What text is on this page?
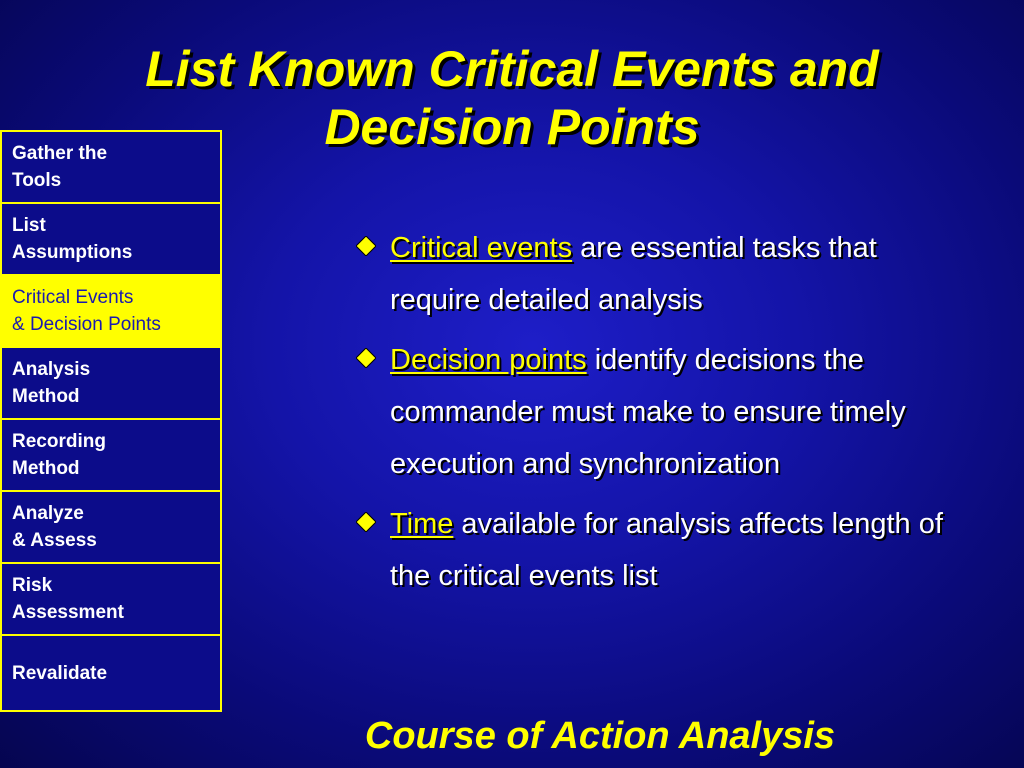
List Known Critical Events and
Decision Points
Gather the
Tools
List
Assumptions
Critical Events
& Decision Points
Analysis
Method
Recording
Method
Analyze
& Assess
Risk
Assessment
Revalidate
Critical events are essential tasks that require detailed analysis
Decision points identify decisions the commander must make to ensure timely execution and synchronization
Time available for analysis affects length of the critical events list

Course of Action Analysis
